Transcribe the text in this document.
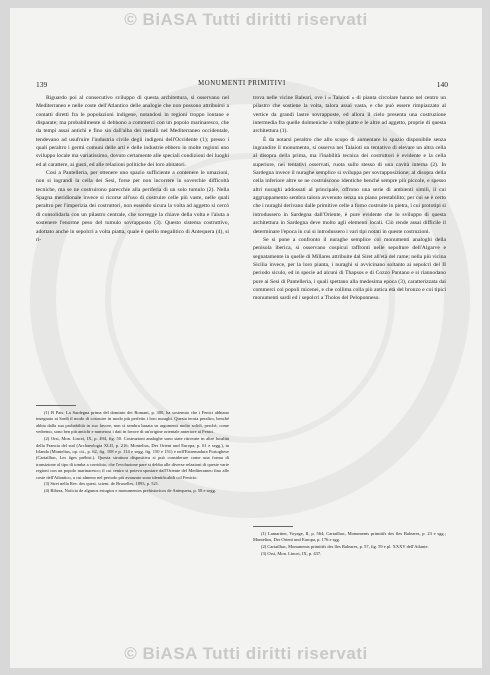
© BiASA Tutti diritti riservati
139	MONUMENTI PRIMITIVI	140

Riguardo poi al consecutivo sviluppo di questa architettura, si osservano nel Mediterraneo e nelle coste dell'Atlantico delle analogie che non possono attribuirsi a contatti diretti fra le popolazioni indigene, notandosi in regioni troppo lontane e disparate; ma probabilmente si debbono a commerci con un popolo marinaresco, che da tempi assai antichi e fino sin dall'alba dei metalli nel Mediterraneo occidentale, tendevano ad usufruire l'industria civile degli indigeni dell'Occidente (1); presso i quali peraltro i germi comuni delle arti e delle industrie ebbero in molte regioni uno sviluppo locale ma variatissimo, dovuto certamente alle speciali condizioni dei luoghi ed al carattere, ai gusti, ed alle relazioni politiche dei loro abitatori.

Così a Pantelleria, per ottenere uno spazio sufficiente a contenere le umazioni, non si ingrandì la cella dei Sesi, forse per non incorrere in soverchie difficoltà tecniche, ma se ne costruirono parecchie alla periferia di un solo tumulo (2). Nella Spagna meridionale invece si ricorse all'uso di costruire celle più vaste, nelle quali peraltro per l'imperizia dei costruttori, non essendo sicura la volta ad aggetto si cercò di consolidarla con un pilastro centrale, che sorregge la chiave della volta e l'aiuta a sostenere l'enorme peso del tumulo sovrapposto (3). Questo sistema costruttivo, adottato anche in sepolcri a volta piatta, quale è quello megalitico di Antequera (4), si ri-

trova nelle vicine Baleari, ove i « Talaioti » di pianta circolare hanno nel centro un pilastro che sostiene la volta, talora assai vasta, e che può essere rimpiazzato al vertice da grandi lastre sovrapposte, ed allora il cielo presenta una costruzione intermedia fra quelle dolmeniche a volte piatte e le altre ad aggetto, proprie di questa architettura (1).

È da notarsi peraltro che allo scopo di aumentare lo spazio disponibile senza ingrandire il monumento, si osserva nei Talaioti un tentativo di elevare un altra cella al disopra della prima, ma l'inabilità tecnica dei costruttori è evidente e la cella superiore, nei tentativi osservati, ruota sullo stesso di una cavità interna (2). In Sardegna invece il nuraghe semplice si sviluppa per sovrapposizione; al disopra della cella inferiore altre se ne costruiscono identiche benché sempre più piccole, e spesso altri nuraghi addossati al principale, offrono una serie di ambienti simili, il cui aggruppamento sembra talora avvenuto senza un piano prestabilito; per cui se è certo che i nuraghi derivano dalle primitive celle a forno costruite in pietra, i cui prototipi si introdussero in Sardegna dall'Oriente, è pure evidente che lo sviluppo di questa architettura in Sardegna deve molto agli elementi locali. Ciò rende assai difficile il determinare l'epoca in cui si introdussero i vari tipi notati in queste costruzioni.

Se si pone a confronto il nuraghe semplice coi monumenti analoghi della penisola iberica, si osservano cospicui raffronti nelle sepolture dell'Algarve e segnatamente in quelle di Millares attribuite dal Siret all'età del rame; nella più vicina Sicilia invece, per la loro pianta, i nuraghi si avvicinano soltanto ai sepolcri del II periodo siculo, ed in specie ad alcuni di Thapsos e di Cozzo Pantano e si riannodano pure ai Sesi di Pantelleria, i quali spettano alla medesima epoca (3), caratterizzata dai commerci coi popoli micenei, e che collima colla più antica età del bronzo e coi tipici monumenti sardi ed i sepolcri a Tholos del Peloponneso.

(1) B Pais. La Sardegna prima del dominio dei Romani, p. 300, ha sostenuto che i Fenici abbiano insegnato ai Sardi il modo di costruire in modo più perfetto i loro nuraghi. Questa teoria peraltro, benché abbia dalla sua probabilità in suo favore, non si sembra basata su argomenti molto solidi, perchè, come vedremo, sono ben più antichi e numerosi i dati in favore di un'origine orientale anteriore ai Fenici.

(2) Orsi, Mon. Lincei, IX, p. 494, fig. 50. Costruzioni analoghe sono state ritrovate in altre località della Francia del sud (Archaeologia XLII, p. 216; Montelius, Der Orient und Europa, p. 61 e segg.), in Irlanda (Montelius, op. cit., p. 62, fig. 108 e p. 114 e segg. fig. 150 e 151) e nell'Estremadura Portoghese (Cartailhac, Les âges préhist.). Questa struttura dispositiva si può considerare come una forma di transizione al tipo di tomba a corridoio, che l'evoluzione pare si debba alle diverse relazioni di queste varie regioni con un popolo marinaresco; il cui centro si poteva spostare dall'Oriente del Mediterraneo fino alle coste dell'Atlantico, a cui almeno nel periodo più avanzato sono identificabili col Fenicio.

(3) Siret nella Rev. des quest. scient. de Bruxelles, 1893, p. 521.

(4) Ribera, Noticia de algunos estugios e monumentos prehistoricos de Antequera, p. 58 e segg.

(1) Lamartine, Voyage, II, p. 564; Cartailhac, Monuments primitifs des îles Baleares, p. 23 e sgg.; Montelius, Der Orient und Europa, p. 176 e sgg.

(2) Cartailhac, Monuments primitifs des îles Baleares, p. 57, fig. 59 e pl. XXXV dell'Atlante.

(3) Orsi, Mon. Lincei, IX, p. 437.

© BiASA Tutti diritti riservati
